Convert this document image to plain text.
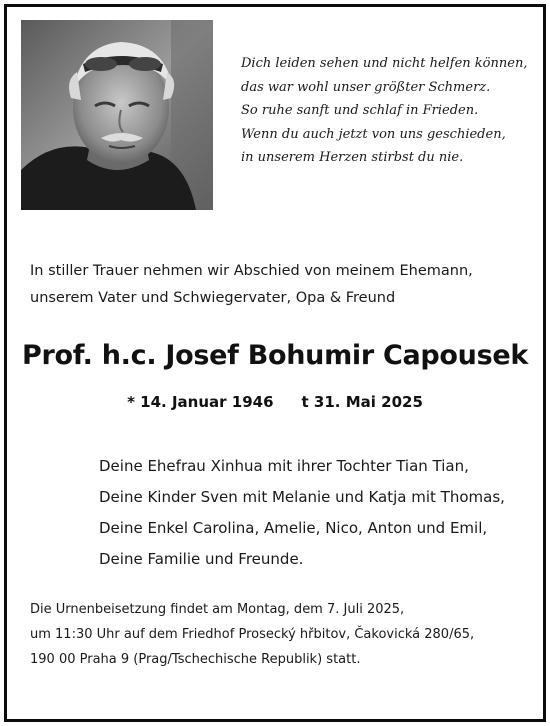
Dich leiden sehen und nicht helfen können,
das war wohl unser größter Schmerz.
So ruhe sanft und schlaf in Frieden.
Wenn du auch jetzt von uns geschieden,
in unserem Herzen stirbst du nie.
In stiller Trauer nehmen wir Abschied von meinem Ehemann,
unserem Vater und Schwiegervater, Opa & Freund
Prof. h.c. Josef Bohumir Capousek
* 14. Januar 1946 t 31. Mai 2025
Deine Ehefrau Xinhua mit ihrer Tochter Tian Tian,
Deine Kinder Sven mit Melanie und Katja mit Thomas,
Deine Enkel Carolina, Amelie, Nico, Anton und Emil,
Deine Familie und Freunde.
Die Urnenbeisetzung findet am Montag, dem 7. Juli 2025,
um 11:30 Uhr auf dem Friedhof Prosecký hřbitov, Čakovická 280/65,
190 00 Praha 9 (Prag/Tschechische Republik) statt.
